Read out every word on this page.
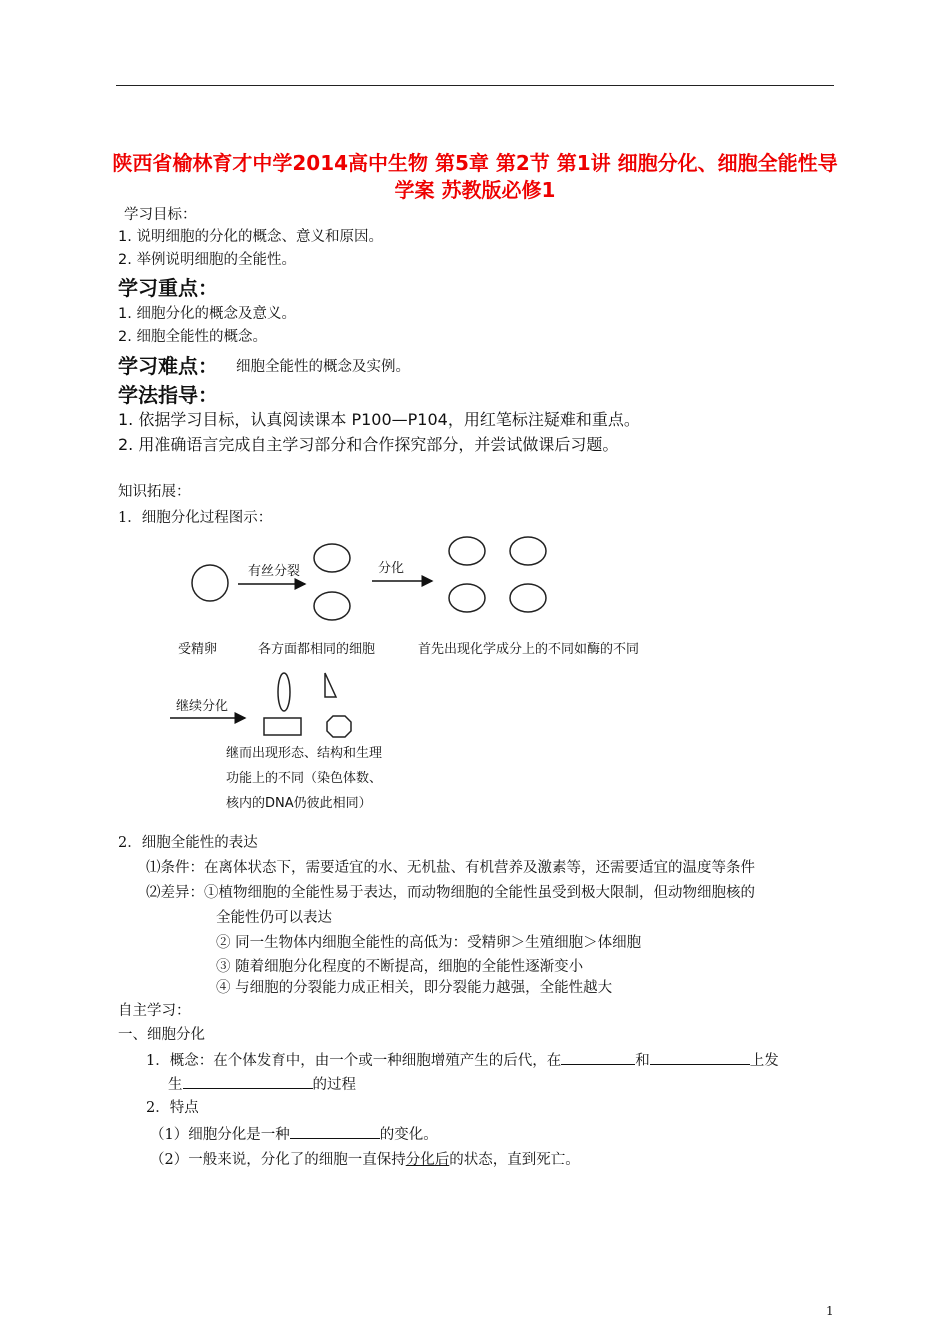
陕西省榆林育才中学2014高中生物 第5章 第2节 第1讲 细胞分化、细胞全能性导学案 苏教版必修1
学习目标：
1. 说明细胞的分化的概念、意义和原因。
2. 举例说明细胞的全能性。
学习重点：
1. 细胞分化的概念及意义。
2. 细胞全能性的概念。
学习难点： 细胞全能性的概念及实例。
学法指导：
1. 依据学习目标，认真阅读课本 P100—P104，用红笔标注疑难和重点。
2. 用准确语言完成自主学习部分和合作探究部分，并尝试做课后习题。
知识拓展：
1．细胞分化过程图示：
有丝分裂	分化
受精卵	各方面都相同的细胞	首先出现化学成分上的不同如酶的不同
继续分化
继而出现形态、结构和生理
功能上的不同（染色体数、
核内的DNA仍彼此相同）
2．细胞全能性的表达
⑴条件：在离体状态下，需要适宜的水、无机盐、有机营养及激素等，还需要适宜的温度等条件
⑵差异：①植物细胞的全能性易于表达，而动物细胞的全能性虽受到极大限制，但动物细胞核的
全能性仍可以表达
② 同一生物体内细胞全能性的高低为：受精卵＞生殖细胞＞体细胞
③ 随着细胞分化程度的不断提高，细胞的全能性逐渐变小
④ 与细胞的分裂能力成正相关，即分裂能力越强，全能性越大
自主学习：
一、细胞分化
1．概念：在个体发育中，由一个或一种细胞增殖产生的后代，在	和	上发
生	的过程
2．特点
（1）细胞分化是一种	的变化。
（2）一般来说，分化了的细胞一直保持分化后的状态，直到死亡。
1
